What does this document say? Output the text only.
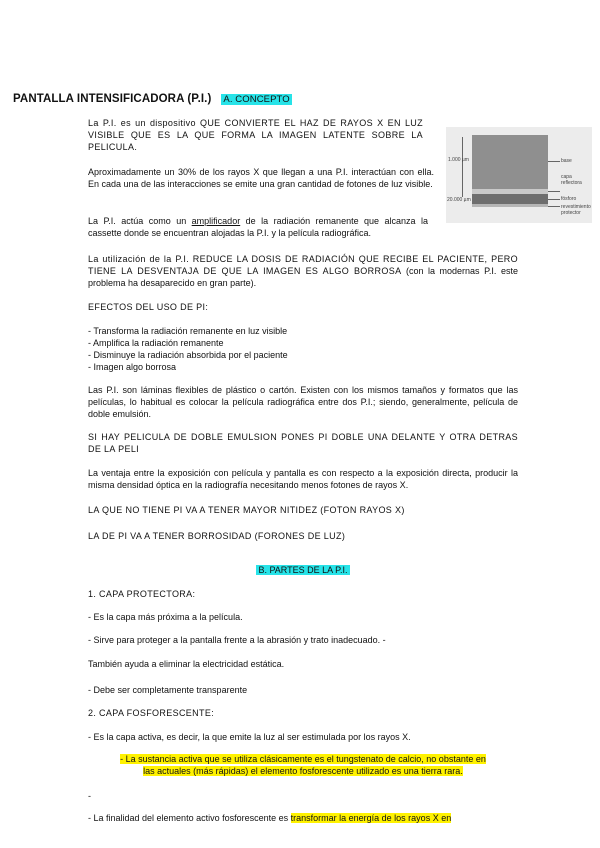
PANTALLA INTENSIFICADORA (P.I.) A. CONCEPTO
La P.I. es un dispositivo QUE CONVIERTE EL HAZ DE RAYOS X EN LUZ VISIBLE QUE ES LA QUE FORMA LA IMAGEN LATENTE SOBRE LA PELICULA.
1.000 µm
20.000 µm
base
capa reflectora
fósforo
revestimiento protector
Aproximadamente un 30% de los rayos X que llegan a una P.I. interactúan con ella. En cada una de las interacciones se emite una gran cantidad de fotones de luz visible.
La P.I. actúa como un amplificador de la radiación remanente que alcanza la cassette donde se encuentran alojadas la P.I. y la película radiográfica.
La utilización de la P.I. REDUCE LA DOSIS DE RADIACIÓN QUE RECIBE EL PACIENTE, PERO TIENE LA DESVENTAJA DE QUE LA IMAGEN ES ALGO BORROSA (con la modernas P.I. este problema ha desaparecido en gran parte).
EFECTOS DEL USO DE PI:
- Transforma la radiación remanente en luz visible
- Amplifica la radiación remanente
- Disminuye la radiación absorbida por el paciente
- Imagen algo borrosa
Las P.I. son láminas flexibles de plástico o cartón. Existen con los mismos tamaños y formatos que las películas, lo habitual es colocar la película radiográfica entre dos P.I.; siendo, generalmente, película de doble emulsión.
SI HAY PELICULA DE DOBLE EMULSION PONES PI DOBLE UNA DELANTE Y OTRA DETRAS DE LA PELI
La ventaja entre la exposición con película y pantalla es con respecto a la exposición directa, producir la misma densidad óptica en la radiografía necesitando menos fotones de rayos X.
LA QUE NO TIENE PI VA A TENER MAYOR NITIDEZ (FOTON RAYOS X)
LA DE PI VA A TENER BORROSIDAD (FORONES DE LUZ)
B. PARTES DE LA P.I.
1. CAPA PROTECTORA:
- Es la capa más próxima a la película.
- Sirve para proteger a la pantalla frente a la abrasión y trato inadecuado. -
También ayuda a eliminar la electricidad estática.
- Debe ser completamente transparente
2. CAPA FOSFORESCENTE:
- Es la capa activa, es decir, la que emite la luz al ser estimulada por los rayos X.
- La sustancia activa que se utiliza clásicamente es el tungstenato de calcio, no obstante en
las actuales (más rápidas) el elemento fosforescente utilizado es una tierra rara.
-
- La finalidad del elemento activo fosforescente es transformar la energía de los rayos X en
